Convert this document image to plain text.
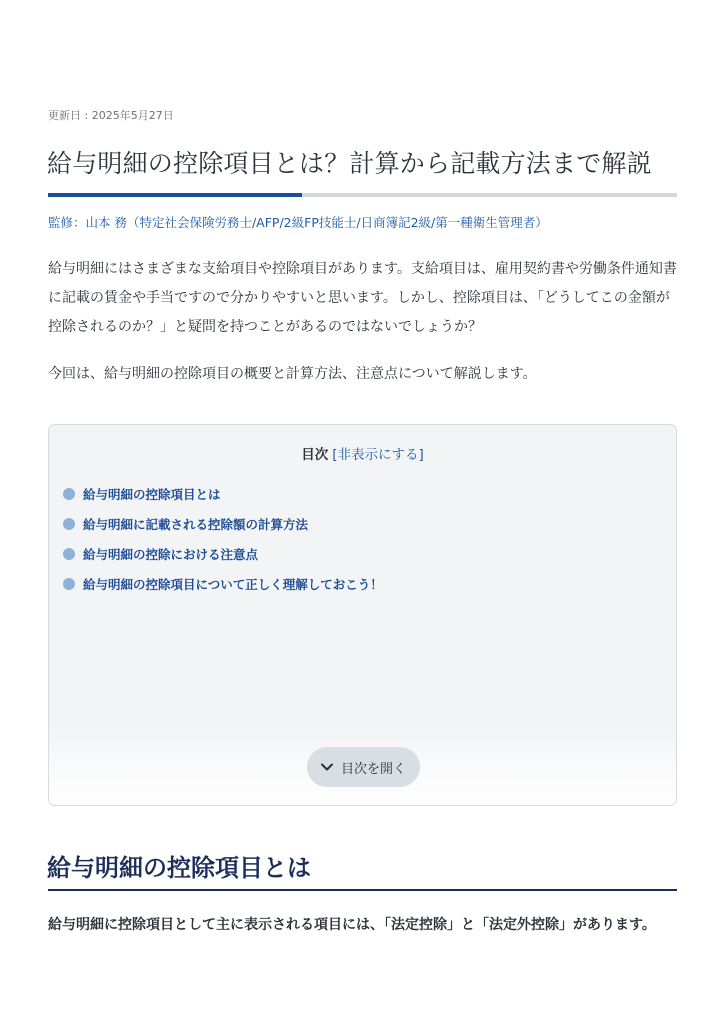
更新日 : 2025年5月27日
給与明細の控除項目とは？計算から記載方法まで解説
監修：山本 務（特定社会保険労務士/AFP/2級FP技能士/日商簿記2級/第一種衛生管理者）

給与明細にはさまざまな支給項目や控除項目があります。支給項目は、雇用契約書や労働条件通知書に記載の賃金や手当ですので分かりやすいと思います。しかし、控除項目は、「どうしてこの金額が控除されるのか？」と疑問を持つことがあるのではないでしょうか？

今回は、給与明細の控除項目の概要と計算方法、注意点について解説します。

目次 [非表示にする]
給与明細の控除項目とは
給与明細に記載される控除額の計算方法
給与明細の控除における注意点
給与明細の控除項目について正しく理解しておこう！
目次を開く
給与明細の控除項目とは

給与明細に控除項目として主に表示される項目には、「法定控除」と「法定外控除」があります。
